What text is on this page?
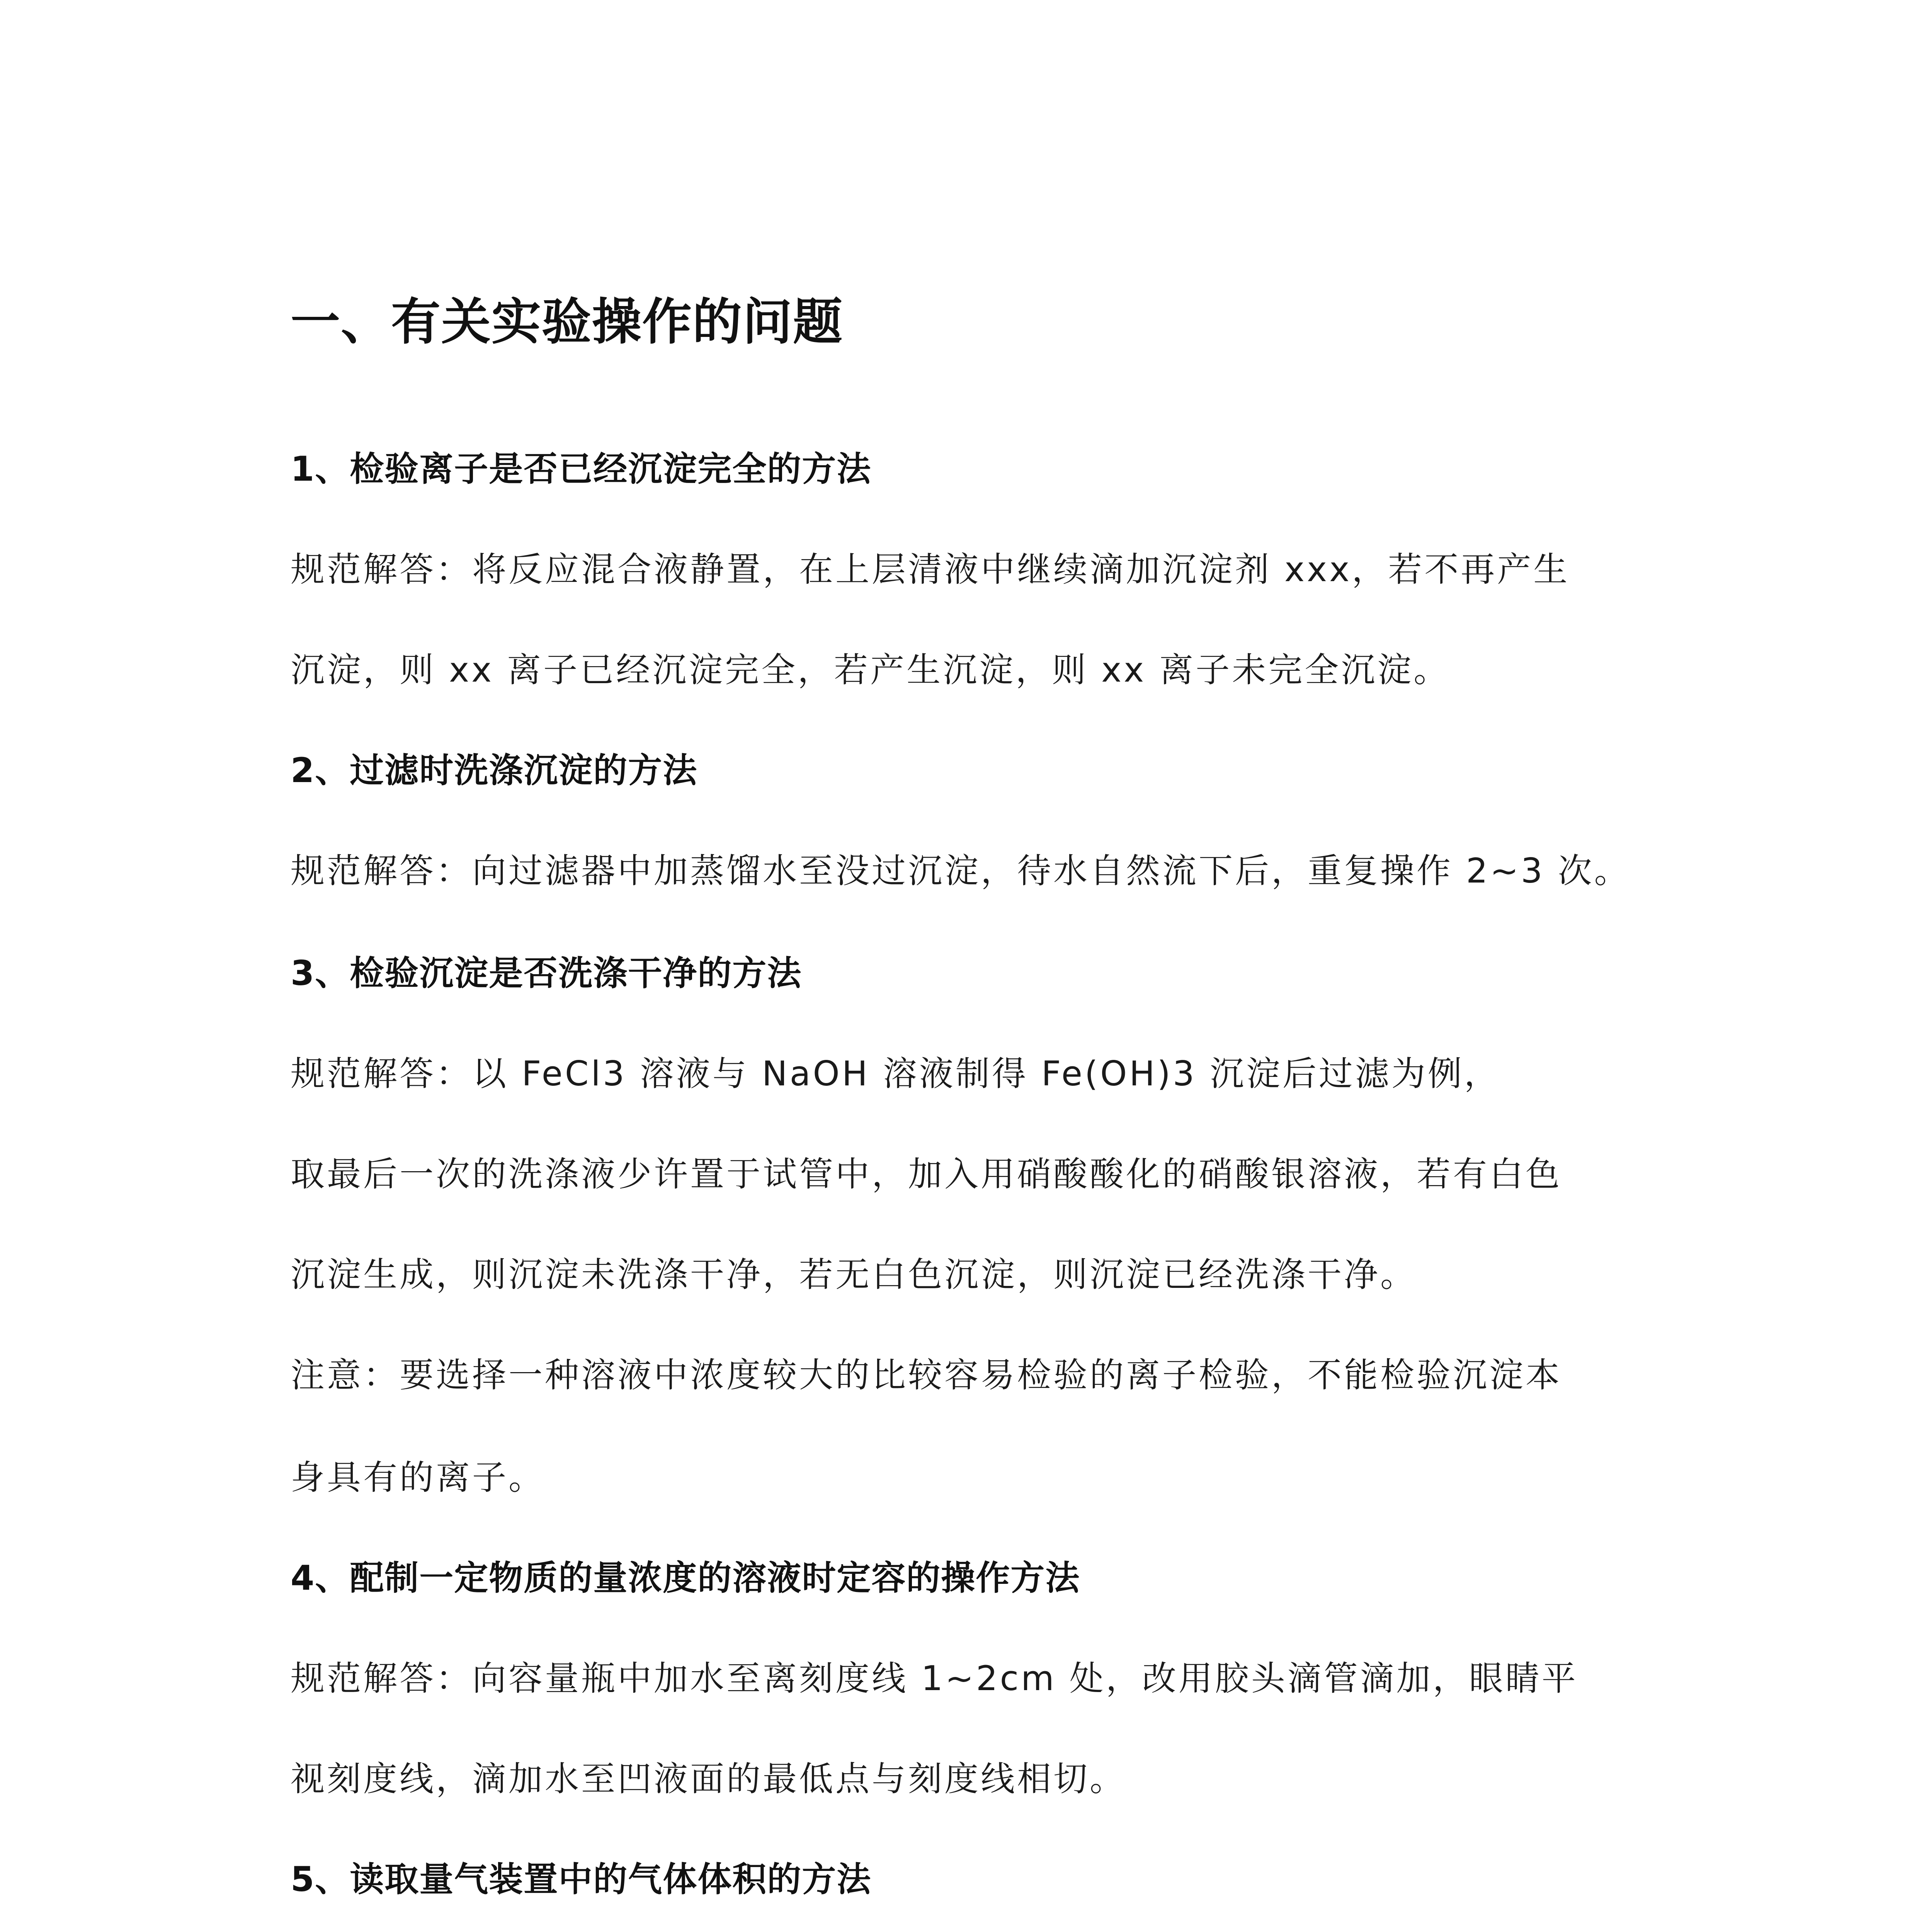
一、有关实验操作的问题
1、检验离子是否已经沉淀完全的方法
规范解答：将反应混合液静置，在上层清液中继续滴加沉淀剂 xxx，若不再产生
沉淀，则 xx 离子已经沉淀完全，若产生沉淀，则 xx 离子未完全沉淀。
2、过滤时洗涤沉淀的方法
规范解答：向过滤器中加蒸馏水至没过沉淀，待水自然流下后，重复操作 2~3 次。
3、检验沉淀是否洗涤干净的方法
规范解答：以 FeCl3 溶液与 NaOH 溶液制得 Fe(OH)3 沉淀后过滤为例，
取最后一次的洗涤液少许置于试管中，加入用硝酸酸化的硝酸银溶液，若有白色
沉淀生成，则沉淀未洗涤干净，若无白色沉淀，则沉淀已经洗涤干净。
注意：要选择一种溶液中浓度较大的比较容易检验的离子检验，不能检验沉淀本
身具有的离子。
4、配制一定物质的量浓度的溶液时定容的操作方法
规范解答：向容量瓶中加水至离刻度线 1~2cm 处，改用胶头滴管滴加，眼睛平
视刻度线，滴加水至凹液面的最低点与刻度线相切。
5、读取量气装置中的气体体积的方法
